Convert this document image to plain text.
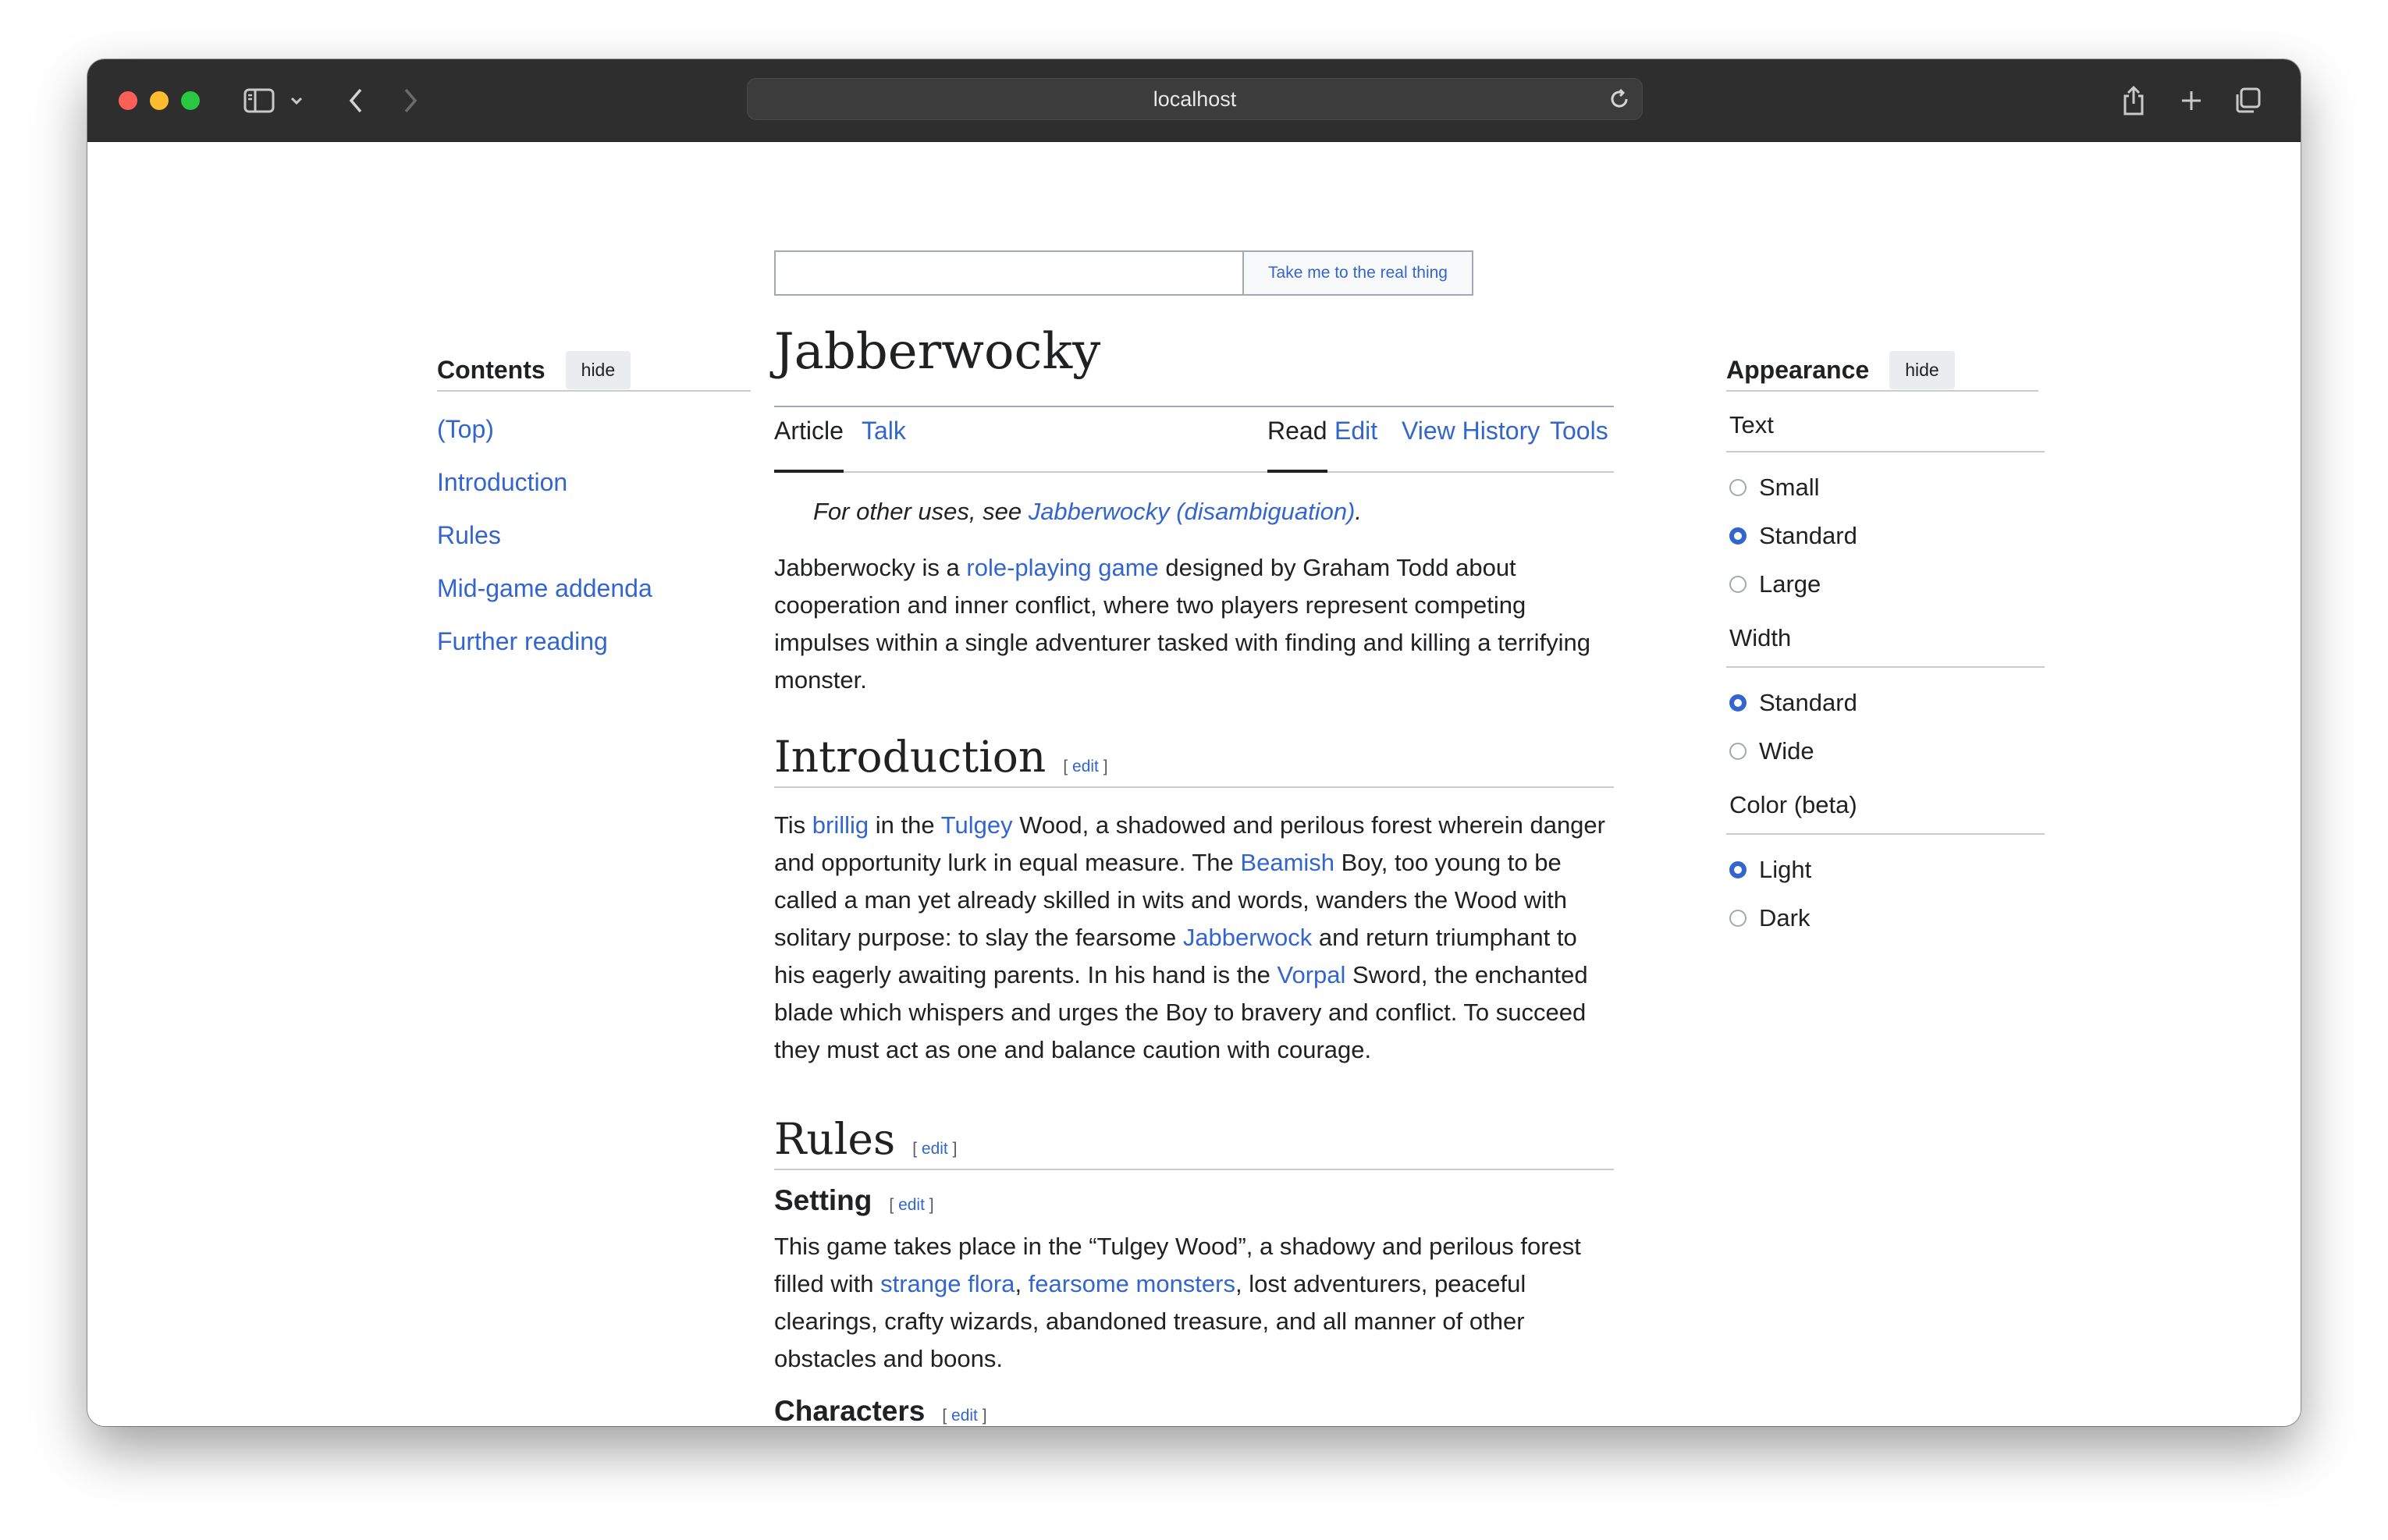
localhost
Take me to the real thing
Jabberwocky
Contents	hide
(Top)
Introduction
Rules
Mid-game addenda
Further reading
Article Talk	Read Edit View History Tools
For other uses, see Jabberwocky (disambiguation).

Jabberwocky is a role-playing game designed by Graham Todd about cooperation and inner conflict, where two players represent competing impulses within a single adventurer tasked with finding and killing a terrifying monster.

Introduction [ edit ]

Tis brillig in the Tulgey Wood, a shadowed and perilous forest wherein danger and opportunity lurk in equal measure. The Beamish Boy, too young to be called a man yet already skilled in wits and words, wanders the Wood with solitary purpose: to slay the fearsome Jabberwock and return triumphant to his eagerly awaiting parents. In his hand is the Vorpal Sword, the enchanted blade which whispers and urges the Boy to bravery and conflict. To succeed they must act as one and balance caution with courage.

Rules [ edit ]
Setting [ edit ]

This game takes place in the “Tulgey Wood”, a shadowy and perilous forest filled with strange flora, fearsome monsters, lost adventurers, peaceful clearings, crafty wizards, abandoned treasure, and all manner of other obstacles and boons.

Characters [ edit ]
Appearance	hide
Text
Small
Standard
Large
Width
Standard
Wide
Color (beta)
Light
Dark
